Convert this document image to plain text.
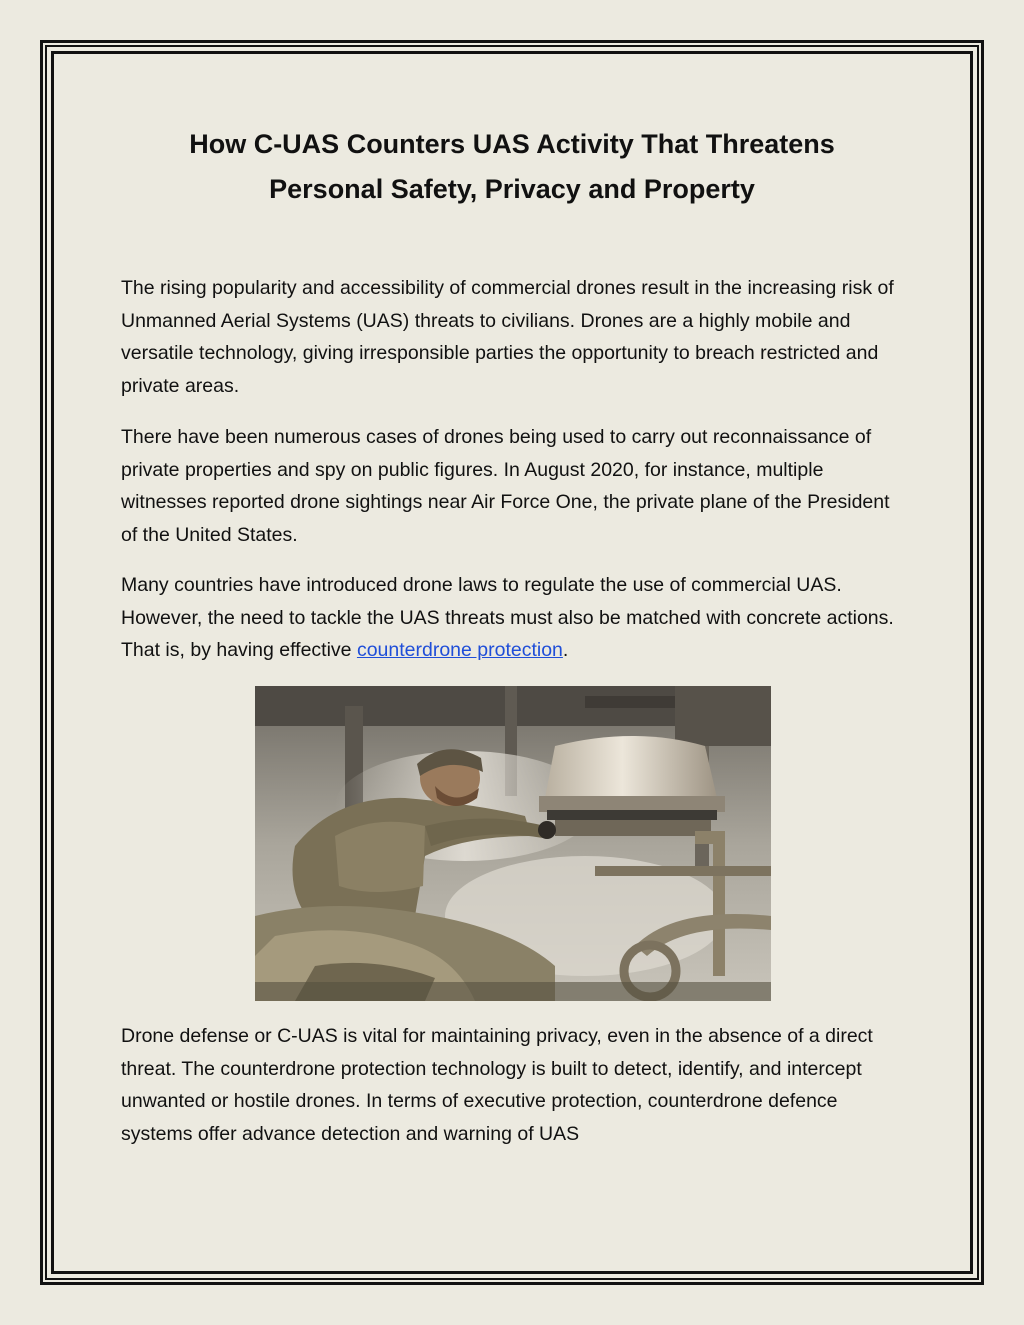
How C-UAS Counters UAS Activity That Threatens
Personal Safety, Privacy and Property

The rising popularity and accessibility of commercial drones result in the increasing risk of Unmanned Aerial Systems (UAS) threats to civilians. Drones are a highly mobile and versatile technology, giving irresponsible parties the opportunity to breach restricted and private areas.

There have been numerous cases of drones being used to carry out reconnaissance of private properties and spy on public figures. In August 2020, for instance, multiple witnesses reported drone sightings near Air Force One, the private plane of the President of the United States.

Many countries have introduced drone laws to regulate the use of commercial UAS. However, the need to tackle the UAS threats must also be matched with concrete actions. That is, by having effective counterdrone protection.

Drone defense or C-UAS is vital for maintaining privacy, even in the absence of a direct threat. The counterdrone protection technology is built to detect, identify, and intercept unwanted or hostile drones. In terms of executive protection, counterdrone defence systems offer advance detection and warning of UAS
